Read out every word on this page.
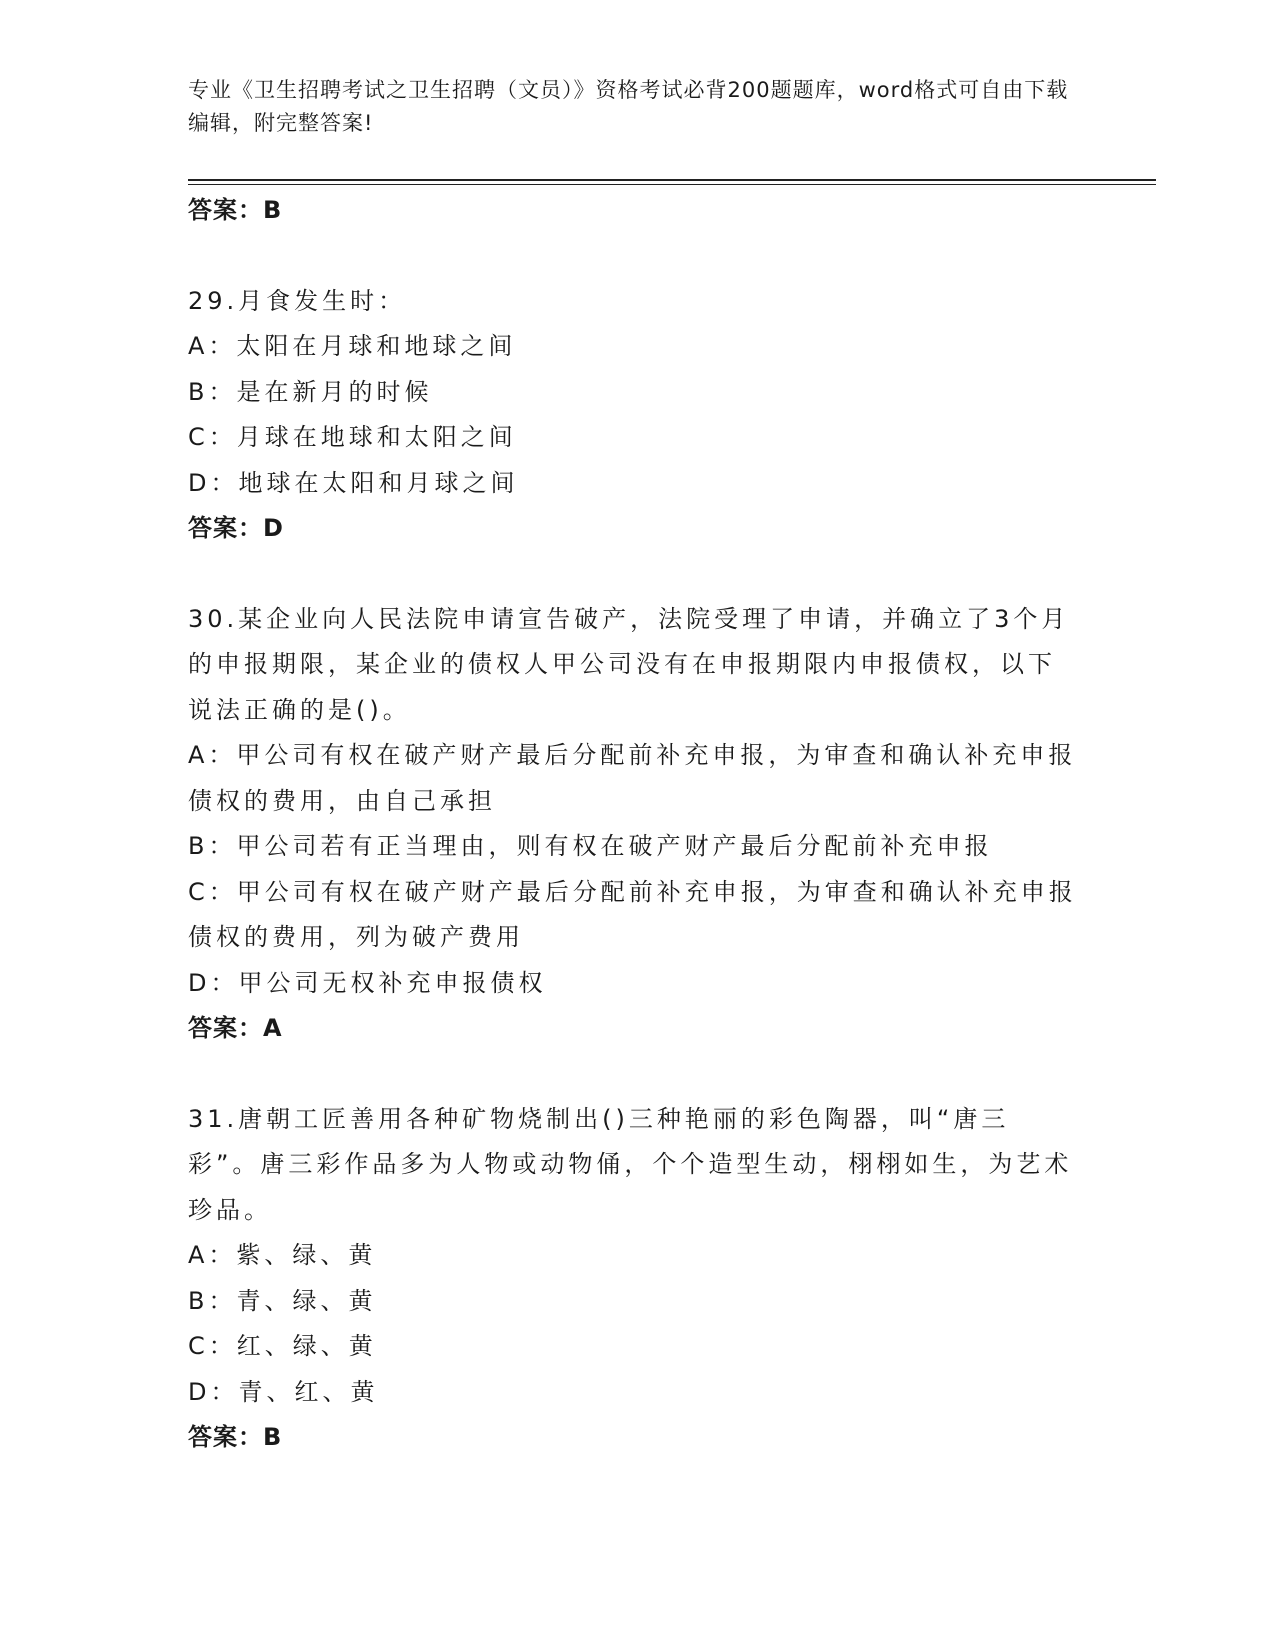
专业《卫生招聘考试之卫生招聘（文员）》资格考试必背200题题库，word格式可自由下载编辑，附完整答案!
答案：B
29.月食发生时：
A：太阳在月球和地球之间
B：是在新月的时候
C：月球在地球和太阳之间
D：地球在太阳和月球之间
答案：D
30.某企业向人民法院申请宣告破产，法院受理了申请，并确立了3个月的申报期限，某企业的债权人甲公司没有在申报期限内申报债权，以下说法正确的是()。
A：甲公司有权在破产财产最后分配前补充申报，为审查和确认补充申报债权的费用，由自己承担
B：甲公司若有正当理由，则有权在破产财产最后分配前补充申报
C：甲公司有权在破产财产最后分配前补充申报，为审查和确认补充申报债权的费用，列为破产费用
D：甲公司无权补充申报债权
答案：A
31.唐朝工匠善用各种矿物烧制出()三种艳丽的彩色陶器，叫“唐三彩”。唐三彩作品多为人物或动物俑，个个造型生动，栩栩如生，为艺术珍品。
A：紫、绿、黄
B：青、绿、黄
C：红、绿、黄
D：青、红、黄
答案：B
